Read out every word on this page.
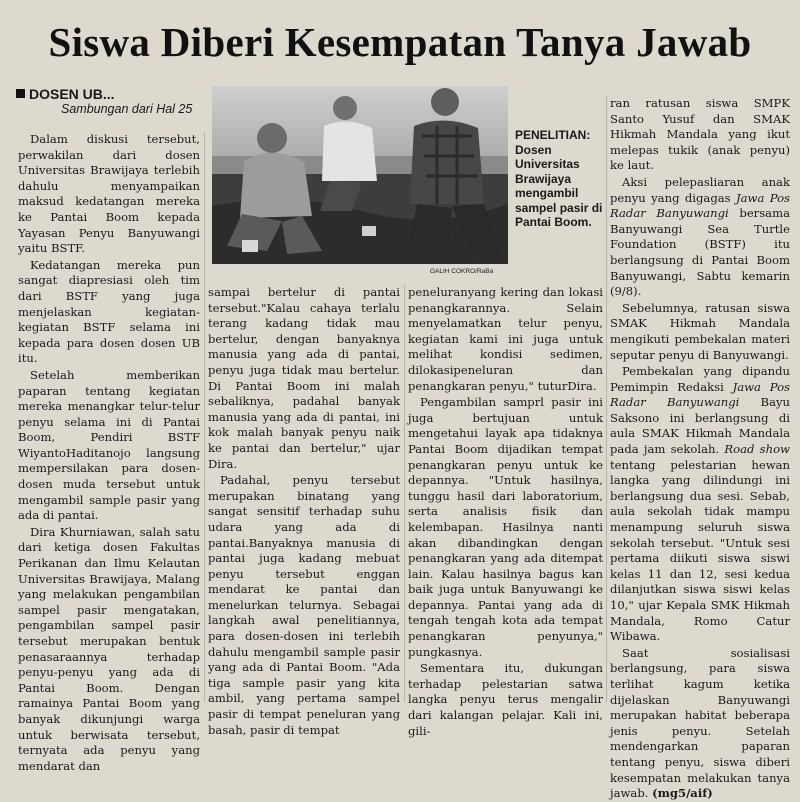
Siswa Diberi Kesempatan Tanya Jawab
DOSEN UB...
Sambungan dari Hal 25

Dalam diskusi tersebut, perwakilan dari dosen Universitas Brawijaya terlebih dahulu menyampaikan maksud kedatangan mereka ke Pantai Boom kepada Yayasan Penyu Banyuwangi yaitu BSTF.

Kedatangan mereka pun sangat diapresiasi oleh tim dari BSTF yang juga menjelaskan kegiatan-kegiatan BSTF selama ini kepada para dosen dosen UB itu.

Setelah memberikan paparan tentang kegiatan mereka menangkar telur-telur penyu selama ini di Pantai Boom, Pendiri BSTF WiyantoHaditanojo langsung mempersilakan para dosen-dosen muda tersebut untuk mengambil sample pasir yang ada di pantai.

Dira Khurniawan, salah satu dari ketiga dosen Fakultas Perikanan dan Ilmu Kelautan Universitas Brawijaya, Malang yang melakukan pengambilan sampel pasir mengatakan, pengambilan sampel pasir tersebut merupakan bentuk penasaraannya terhadap penyu-penyu yang ada di Pantai Boom. Dengan ramainya Pantai Boom yang banyak dikunjungi warga untuk berwisata tersebut, ternyata ada penyu yang mendarat dan

GALIH COKRO/RaBa
PENELITIAN:
Dosen Universitas Brawijaya mengambil sampel pasir di Pantai Boom.

sampai bertelur di pantai tersebut."Kalau cahaya terlalu terang kadang tidak mau bertelur, dengan banyaknya manusia yang ada di pantai, penyu juga tidak mau bertelur. Di Pantai Boom ini malah sebaliknya, padahal banyak manusia yang ada di pantai, ini kok malah banyak penyu naik ke pantai dan bertelur," ujar Dira.

Padahal, penyu tersebut merupakan binatang yang sangat sensitif terhadap suhu udara yang ada di pantai.Banyaknya manusia di pantai juga kadang mebuat penyu tersebut enggan mendarat ke pantai dan menelurkan telurnya. Sebagai langkah awal penelitiannya, para dosen-dosen ini terlebih dahulu mengambil sample pasir yang ada di Pantai Boom. "Ada tiga sample pasir yang kita ambil, yang pertama sampel pasir di tempat peneluran yang basah, pasir di tempat

peneluranyang kering dan lokasi penangkarannya. Selain menyelamatkan telur penyu, kegiatan kami ini juga untuk melihat kondisi sedimen, dilokasipeneluran dan penangkaran penyu," tuturDira.

Pengambilan samprl pasir ini juga bertujuan untuk mengetahui layak apa tidaknya Pantai Boom dijadikan tempat penangkaran penyu untuk ke depannya. "Untuk hasilnya, tunggu hasil dari laboratorium, serta analisis fisik dan kelembapan. Hasilnya nanti akan dibandingkan dengan penangkaran yang ada ditempat lain. Kalau hasilnya bagus kan baik juga untuk Banyuwangi ke depannya. Pantai yang ada di tengah tengah kota ada tempat penangkaran penyunya," pungkasnya.

Sementara itu, dukungan terhadap pelestarian satwa langka penyu terus mengalir dari kalangan pelajar. Kali ini, gili-

ran ratusan siswa SMPK Santo Yusuf dan SMAK Hikmah Mandala yang ikut melepas tukik (anak penyu) ke laut.

Aksi pelepasliaran anak penyu yang digagas Jawa Pos Radar Banyuwangi bersama Banyuwangi Sea Turtle Foundation (BSTF) itu berlangsung di Pantai Boom Banyuwangi, Sabtu kemarin (9/8).

Sebelumnya, ratusan siswa SMAK Hikmah Mandala mengikuti pembekalan materi seputar penyu di Banyuwangi.

Pembekalan yang dipandu Pemimpin Redaksi Jawa Pos Radar Banyuwangi Bayu Saksono ini berlangsung di aula SMAK Hikmah Mandala pada jam sekolah. Road show tentang pelestarian hewan langka yang dilindungi ini berlangsung dua sesi. Sebab, aula sekolah tidak mampu menampung seluruh siswa sekolah tersebut. "Untuk sesi pertama diikuti siswa siswi kelas 11 dan 12, sesi kedua dilanjutkan siswa siswi kelas 10," ujar Kepala SMK Hikmah Mandala, Romo Catur Wibawa.

Saat sosialisasi berlangsung, para siswa terlihat kagum ketika dijelaskan Banyuwangi merupakan habitat beberapa jenis penyu. Setelah mendengarkan paparan tentang penyu, siswa diberi kesempatan melakukan tanya jawab. (mg5/aif)
